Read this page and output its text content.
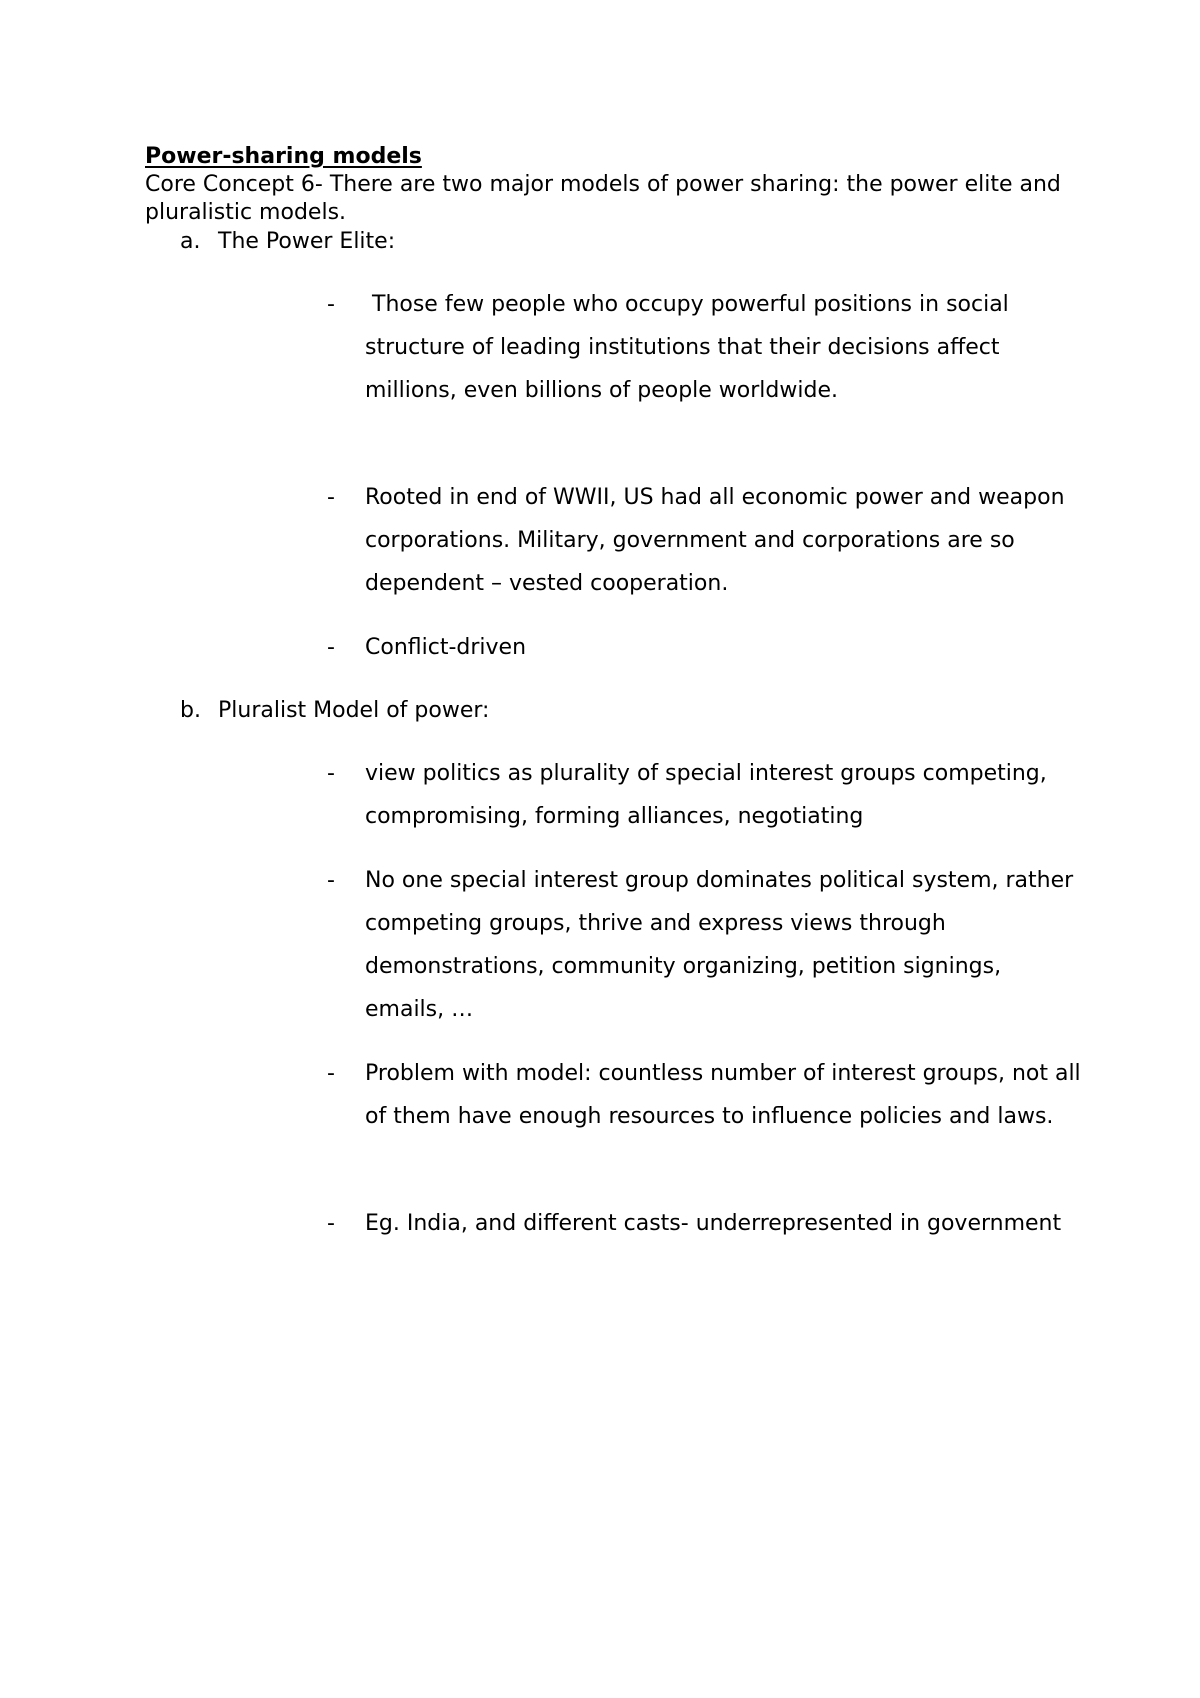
Power-sharing models
Core Concept 6- There are two major models of power sharing: the power elite and pluralistic models.
a. The Power Elite:
- Those few people who occupy powerful positions in social structure of leading institutions that their decisions affect millions, even billions of people worldwide.
- Rooted in end of WWII, US had all economic power and weapon corporations. Military, government and corporations are so dependent – vested cooperation.
- Conflict-driven
b. Pluralist Model of power:
- view politics as plurality of special interest groups competing, compromising, forming alliances, negotiating
- No one special interest group dominates political system, rather competing groups, thrive and express views through demonstrations, community organizing, petition signings, emails, …
- Problem with model: countless number of interest groups, not all of them have enough resources to influence policies and laws.
- Eg. India, and different casts- underrepresented in government
